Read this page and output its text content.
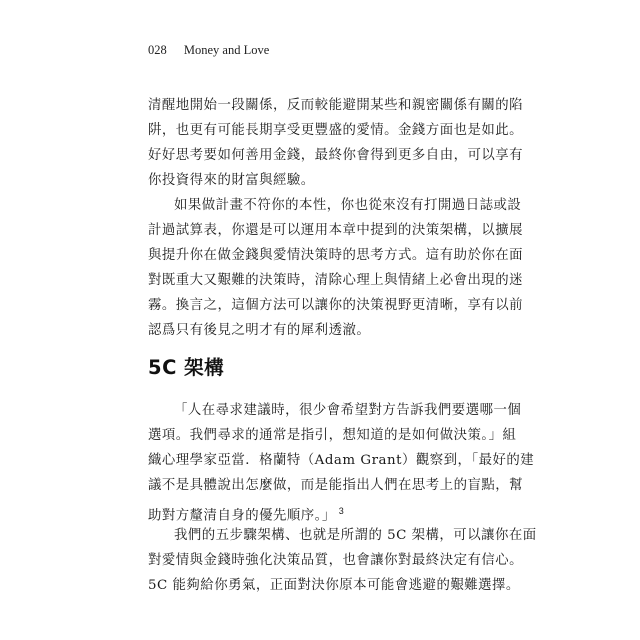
028 Money and Love
清醒地開始一段關係，反而較能避開某些和親密關係有關的陷
阱，也更有可能長期享受更豐盛的愛情。金錢方面也是如此。
好好思考要如何善用金錢，最終你會得到更多自由，可以享有
你投資得來的財富與經驗。
如果做計畫不符你的本性，你也從來沒有打開過日誌或設
計過試算表，你還是可以運用本章中提到的決策架構，以擴展
與提升你在做金錢與愛情決策時的思考方式。這有助於你在面
對既重大又艱難的決策時，清除心理上與情緒上必會出現的迷
霧。換言之，這個方法可以讓你的決策視野更清晰，享有以前
認爲只有後見之明才有的犀利透澈。
5C 架構
「人在尋求建議時，很少會希望對方告訴我們要選哪一個
選項。我們尋求的通常是指引，想知道的是如何做決策。」組
織心理學家亞當．格蘭特（Adam Grant）觀察到，「最好的建
議不是具體說出怎麼做，而是能指出人們在思考上的盲點，幫
助對方釐清自身的優先順序。」 $^3$
我們的五步驟架構、也就是所謂的 5C 架構，可以讓你在面
對愛情與金錢時強化決策品質，也會讓你對最終決定有信心。
5C 能夠給你勇氣，正面對決你原本可能會逃避的艱難選擇。
